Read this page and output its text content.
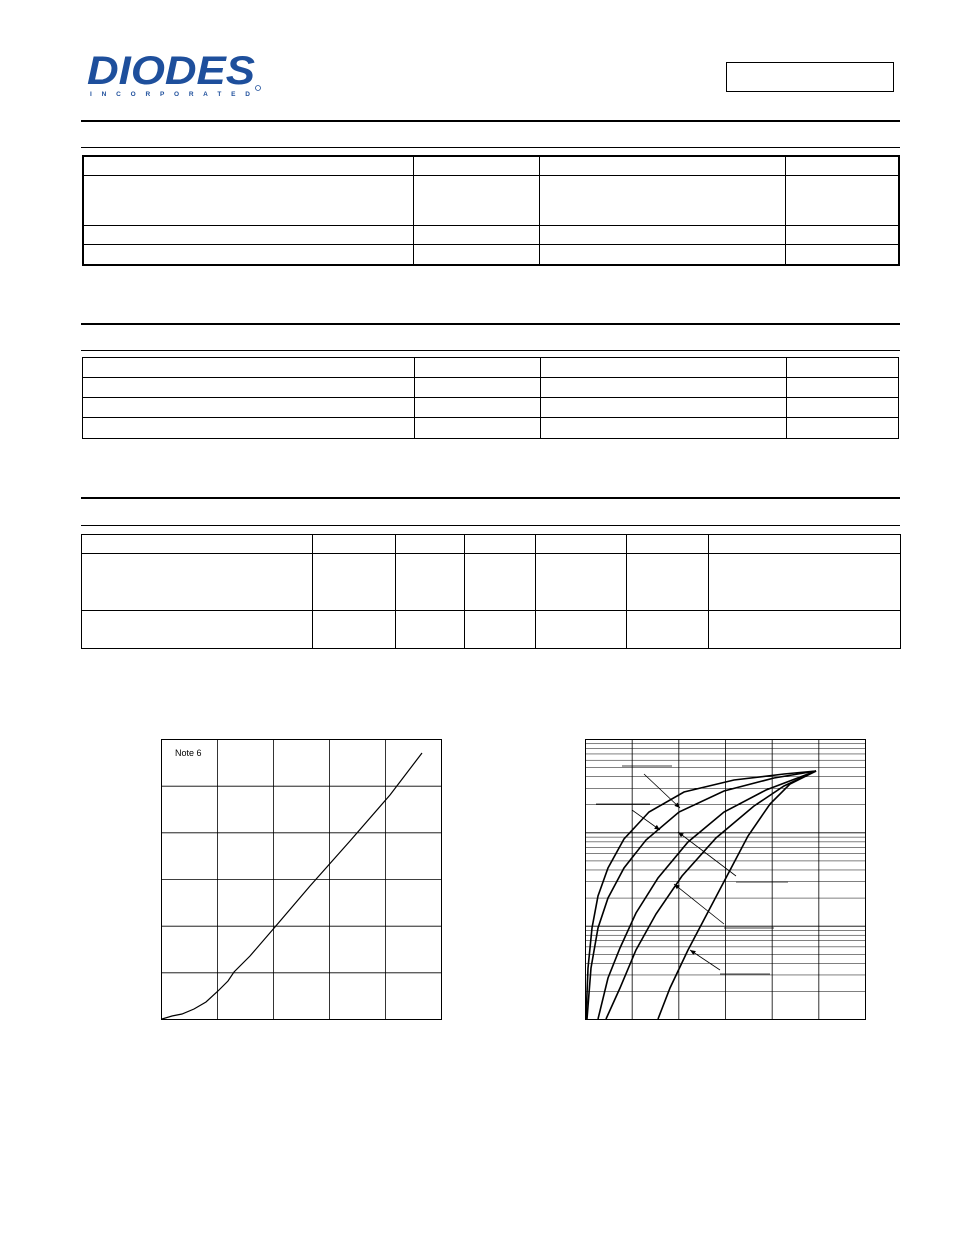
DIODES
I N C O R P O R A T E D

Note 6
